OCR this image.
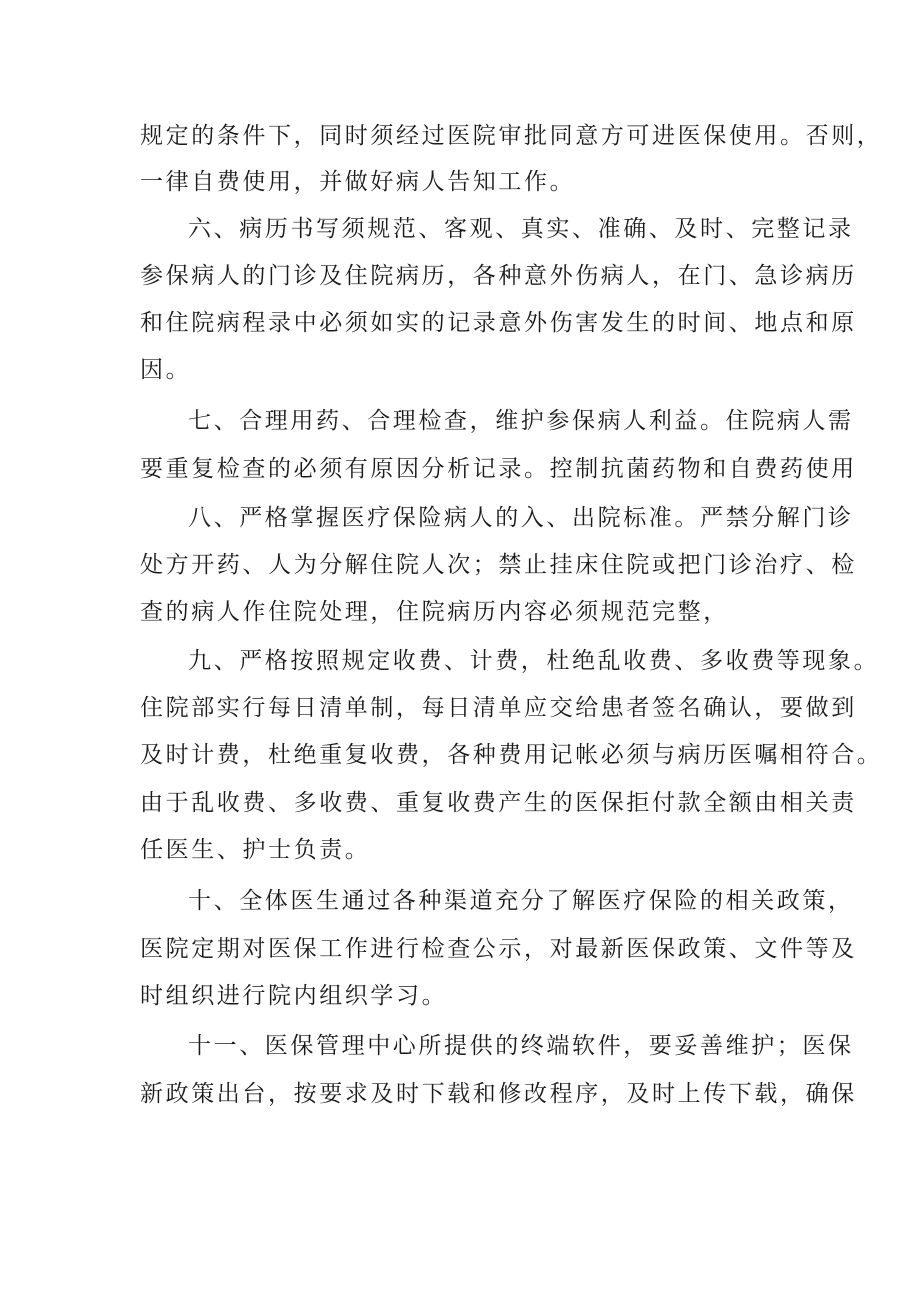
规定的条件下，同时须经过医院审批同意方可进医保使用。否则，
一律自费使用，并做好病人告知工作。
六、病历书写须规范、客观、真实、准确、及时、完整记录
参保病人的门诊及住院病历，各种意外伤病人，在门、急诊病历
和住院病程录中必须如实的记录意外伤害发生的时间、地点和原
因。
七、合理用药、合理检查，维护参保病人利益。住院病人需
要重复检查的必须有原因分析记录。控制抗菌药物和自费药使用
八、严格掌握医疗保险病人的入、出院标准。严禁分解门诊
处方开药、人为分解住院人次；禁止挂床住院或把门诊治疗、检
查的病人作住院处理，住院病历内容必须规范完整，
九、严格按照规定收费、计费，杜绝乱收费、多收费等现象。
住院部实行每日清单制，每日清单应交给患者签名确认，要做到
及时计费，杜绝重复收费，各种费用记帐必须与病历医嘱相符合。
由于乱收费、多收费、重复收费产生的医保拒付款全额由相关责
任医生、护士负责。
十、全体医生通过各种渠道充分了解医疗保险的相关政策，
医院定期对医保工作进行检查公示，对最新医保政策、文件等及
时组织进行院内组织学习。
十一、医保管理中心所提供的终端软件，要妥善维护；医保
新政策出台，按要求及时下载和修改程序，及时上传下载，确保
